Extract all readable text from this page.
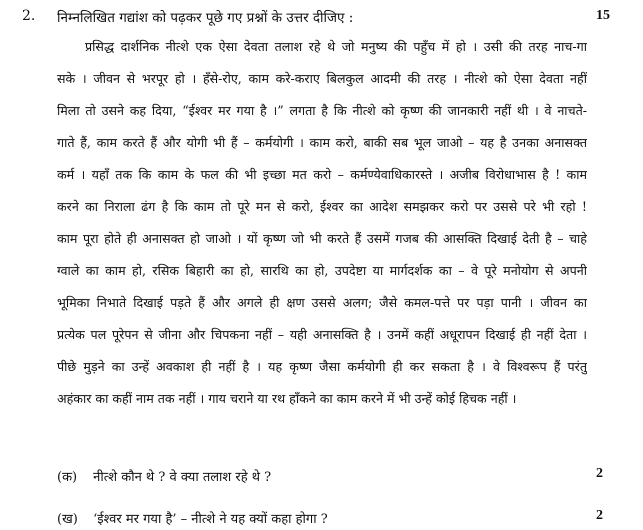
2. निम्नलिखित गद्यांश को पढ़कर पूछे गए प्रश्नों के उत्तर दीजिए :	15
प्रसिद्ध दार्शनिक नीत्शे एक ऐसा देवता तलाश रहे थे जो मनुष्य की पहुँच में हो । उसी की तरह नाच-गा
सके । जीवन से भरपूर हो । हँसे-रोए, काम करे-कराए बिलकुल आदमी की तरह । नीत्शे को ऐसा देवता नहीं
मिला तो उसने कह दिया, “ईश्वर मर गया है ।” लगता है कि नीत्शे को कृष्ण की जानकारी नहीं थी । वे नाचते-
गाते हैं, काम करते हैं और योगी भी हैं – कर्मयोगी । काम करो, बाकी सब भूल जाओ – यह है उनका अनासक्त
कर्म । यहाँ तक कि काम के फल की भी इच्छा मत करो – कर्मण्येवाधिकारस्ते । अजीब विरोधाभास है ! काम
करने का निराला ढंग है कि काम तो पूरे मन से करो, ईश्वर का आदेश समझकर करो पर उससे परे भी रहो !
काम पूरा होते ही अनासक्त हो जाओ । यों कृष्ण जो भी करते हैं उसमें गजब की आसक्ति दिखाई देती है – चाहे
ग्वाले का काम हो, रसिक बिहारी का हो, सारथि का हो, उपदेष्टा या मार्गदर्शक का – वे पूरे मनोयोग से अपनी
भूमिका निभाते दिखाई पड़ते हैं और अगले ही क्षण उससे अलग; जैसे कमल-पत्ते पर पड़ा पानी । जीवन का
प्रत्येक पल पूरेपन से जीना और चिपकना नहीं – यही अनासक्ति है । उनमें कहीं अधूरापन दिखाई ही नहीं देता ।
पीछे मुड़ने का उन्हें अवकाश ही नहीं है । यह कृष्ण जैसा कर्मयोगी ही कर सकता है । वे विश्वरूप हैं परंतु
अहंकार का कहीं नाम तक नहीं । गाय चराने या रथ हाँकने का काम करने में भी उन्हें कोई हिचक नहीं ।
(क) नीत्शे कौन थे ? वे क्या तलाश रहे थे ?	2
(ख) ‘ईश्वर मर गया है’ – नीत्शे ने यह क्यों कहा होगा ?	2
